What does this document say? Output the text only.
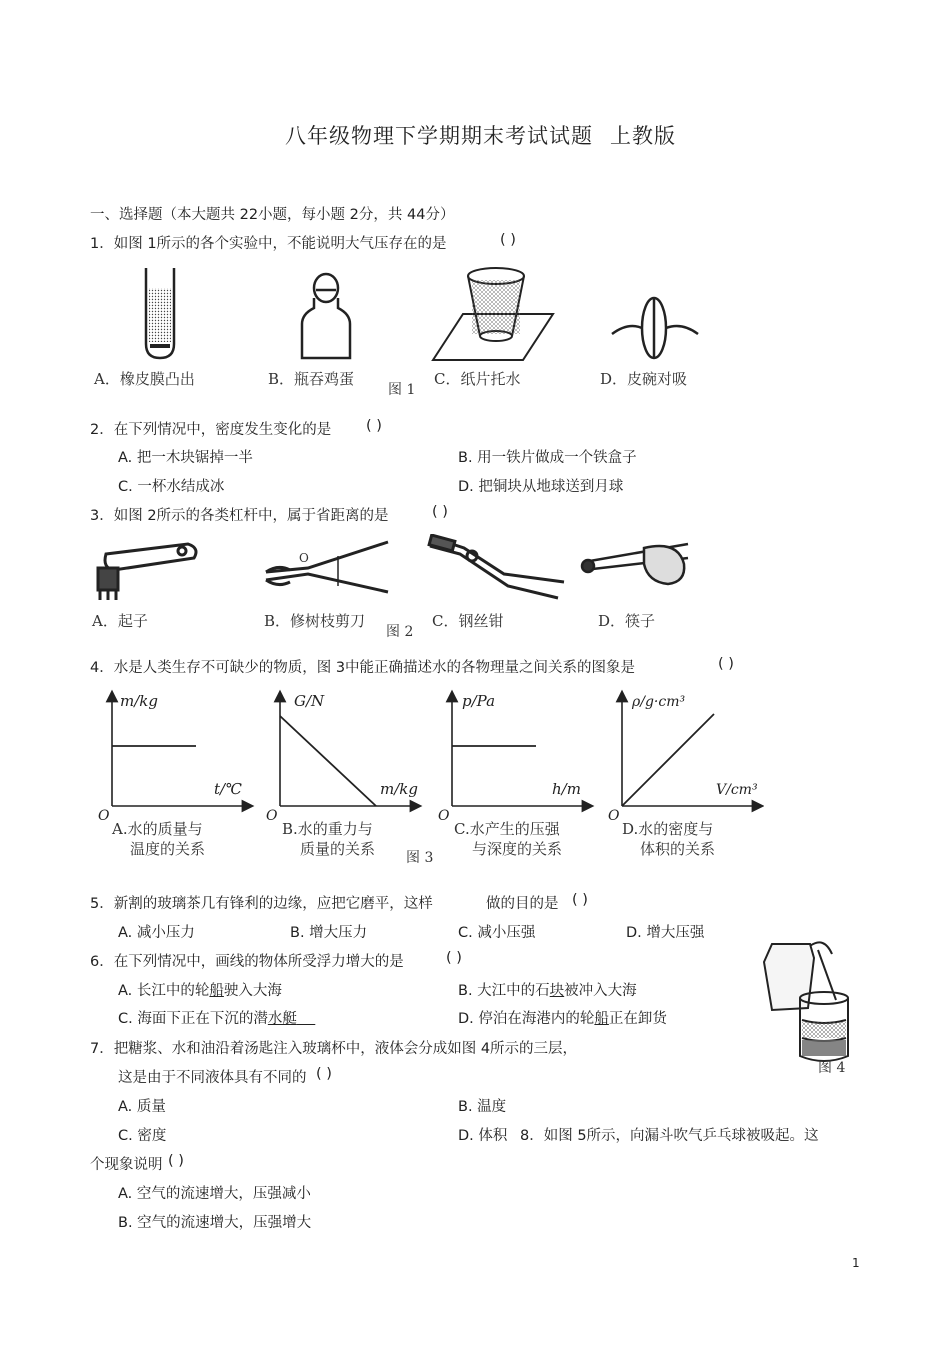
八年级物理下学期期末考试试题 上教版
一、选择题（本大题共 22小题，每小题 2分，共 44分）
1．如图 1所示的各个实验中，不能说明大气压存在的是	( )
A．橡皮膜凸出	B．瓶吞鸡蛋
图 1
C．纸片托水	D．皮碗对吸
2．在下列情况中，密度发生变化的是 ( )
A. 把一木块锯掉一半	B. 用一铁片做成一个铁盒子
C. 一杯水结成冰	D. 把铜块从地球送到月球
3．如图 2所示的各类杠杆中，属于省距离的是	( )
O
A．起子	B．修树枝剪刀
图 2
C．钢丝钳	D．筷子
4．水是人类生存不可缺少的物质，图 3中能正确描述水的各物理量之间关系的图象是	( )
m/kg
t/℃
O
A.水的质量与
温度的关系
G/N
m/kg
O
B.水的重力与
质量的关系
p/Pa
h/m
O
C.水产生的压强
与深度的关系
ρ/g·cm³
V/cm³
O
D.水的密度与
体积的关系
图 3
5．新割的玻璃茶几有锋利的边缘，应把它磨平，这样	做的目的是 ( )
A. 减小压力	B. 增大压力	C. 减小压强	D. 增大压强
6．在下列情况中，画线的物体所受浮力增大的是	( )
A. 长江中的轮船驶入大海	B. 大江中的石块被冲入大海
C. 海面下正在下沉的潜水艇	D. 停泊在海港内的轮船正在卸货
图 4
7．把糖浆、水和油沿着汤匙注入玻璃杯中，液体会分成如图 4所示的三层，
这是由于不同液体具有不同的 ( )
A. 质量	B. 温度
C. 密度	D. 体积 8．如图 5所示，向漏斗吹气乒乓球被吸起。这
个现象说明 ( )
A. 空气的流速增大，压强减小
B. 空气的流速增大，压强增大
1
